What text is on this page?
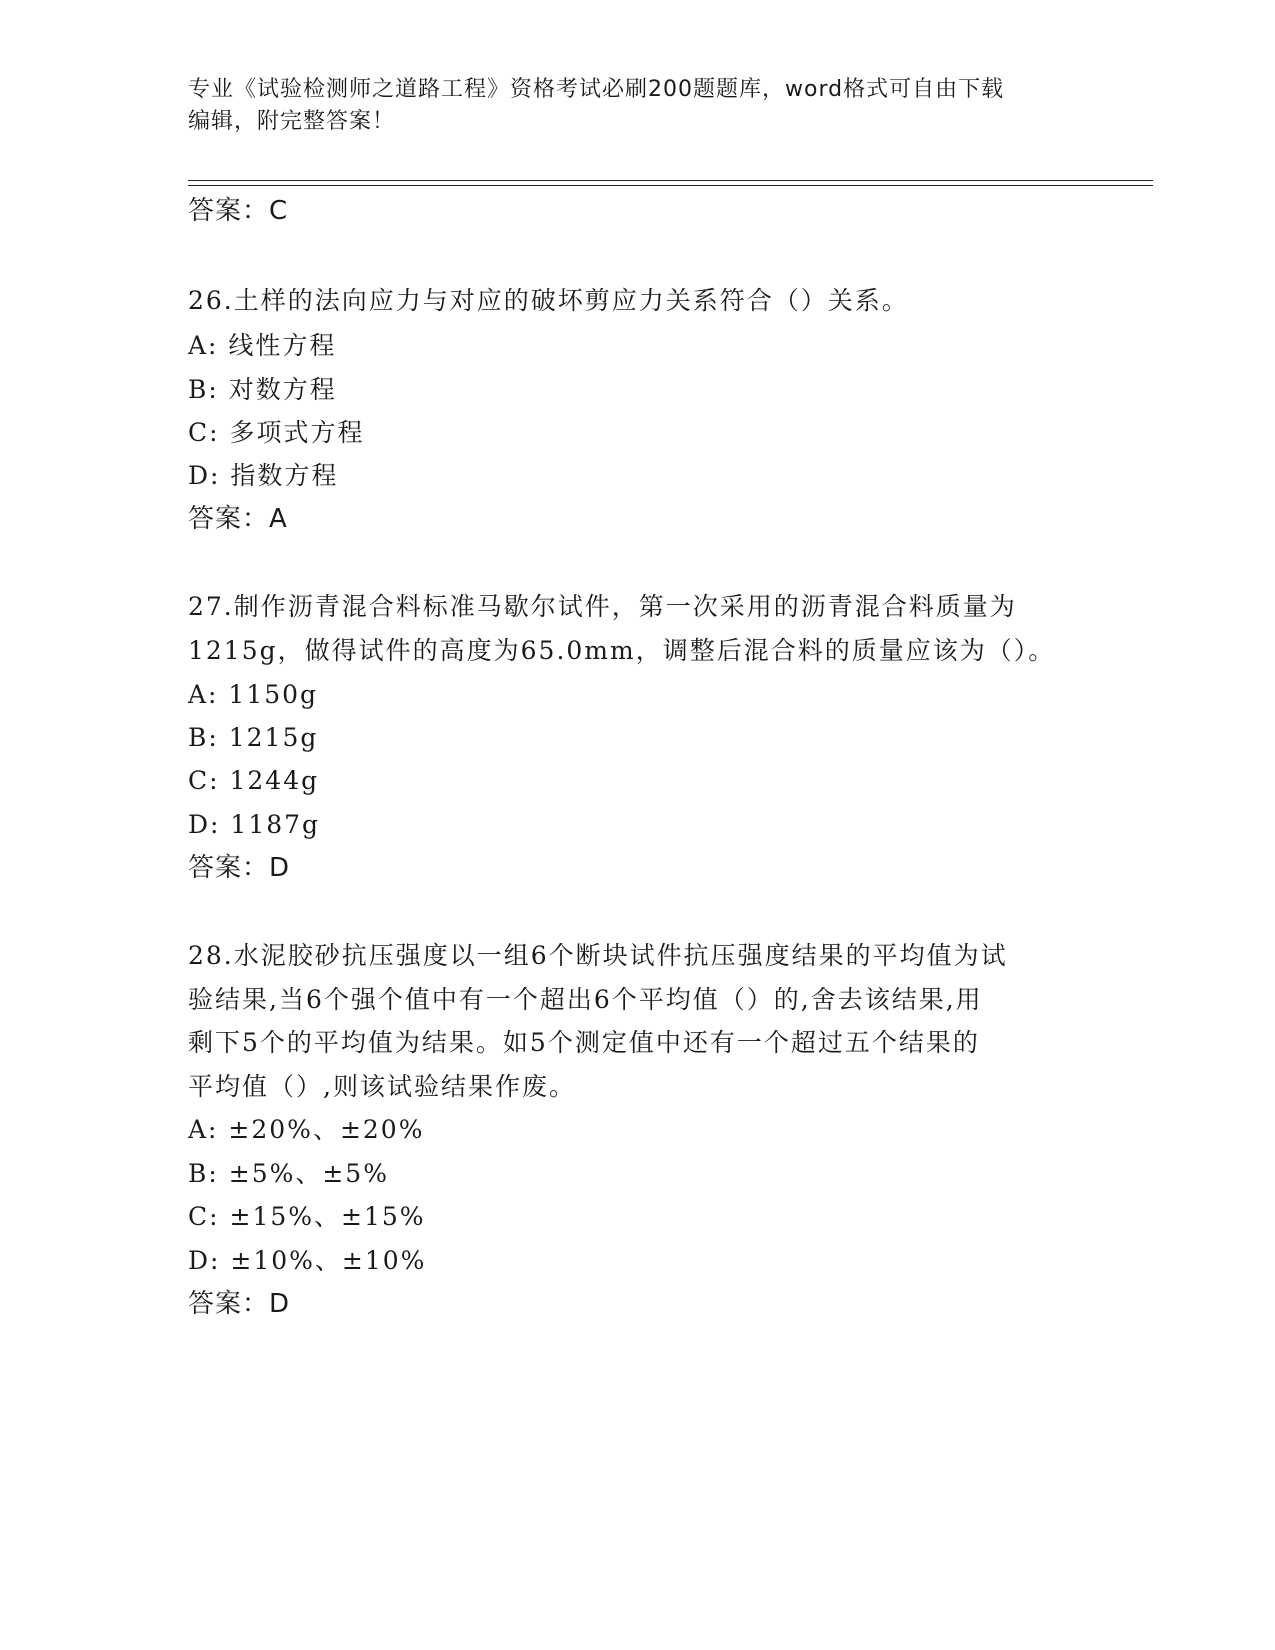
专业《试验检测师之道路工程》资格考试必刷200题题库，word格式可自由下载
编辑，附完整答案！
答案：C
26.土样的法向应力与对应的破坏剪应力关系符合（）关系。
A: 线性方程
B: 对数方程
C: 多项式方程
D: 指数方程
答案：A
27.制作沥青混合料标准马歇尔试件，第一次采用的沥青混合料质量为
1215g，做得试件的高度为65.0mm，调整后混合料的质量应该为（）。
A: 1150g
B: 1215g
C: 1244g
D: 1187g
答案：D
28.水泥胶砂抗压强度以一组6个断块试件抗压强度结果的平均值为试
验结果,当6个强个值中有一个超出6个平均值（）的,舍去该结果,用
剩下5个的平均值为结果。如5个测定值中还有一个超过五个结果的
平均值（）,则该试验结果作废。
A: ±20%、±20%
B: ±5%、±5%
C: ±15%、±15%
D: ±10%、±10%
答案：D
